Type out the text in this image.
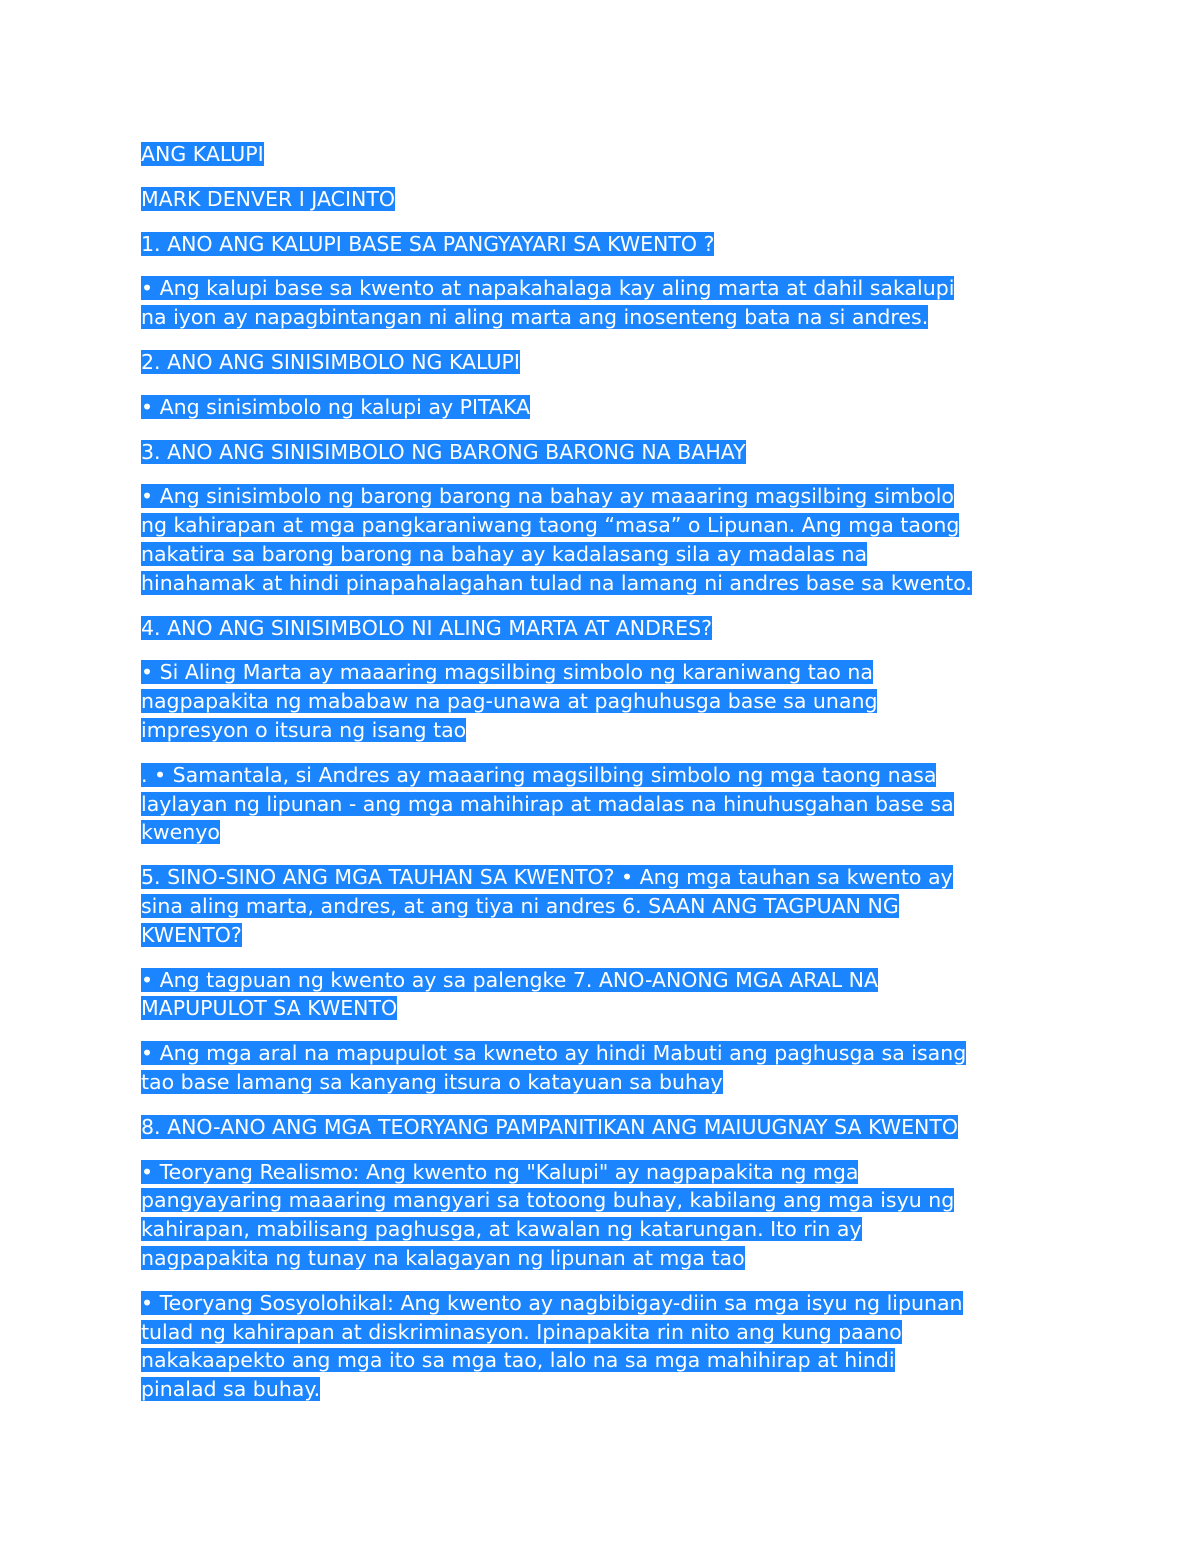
ANG KALUPI
MARK DENVER I JACINTO
1. ANO ANG KALUPI BASE SA PANGYAYARI SA KWENTO ?
• Ang kalupi base sa kwento at napakahalaga kay aling marta at dahil sakalupi
na iyon ay napagbintangan ni aling marta ang inosenteng bata na si andres.
2. ANO ANG SINISIMBOLO NG KALUPI
• Ang sinisimbolo ng kalupi ay PITAKA
3. ANO ANG SINISIMBOLO NG BARONG BARONG NA BAHAY
• Ang sinisimbolo ng barong barong na bahay ay maaaring magsilbing simbolo
ng kahirapan at mga pangkaraniwang taong “masa” o Lipunan. Ang mga taong
nakatira sa barong barong na bahay ay kadalasang sila ay madalas na
hinahamak at hindi pinapahalagahan tulad na lamang ni andres base sa kwento.
4. ANO ANG SINISIMBOLO NI ALING MARTA AT ANDRES?
• Si Aling Marta ay maaaring magsilbing simbolo ng karaniwang tao na
nagpapakita ng mababaw na pag-unawa at paghuhusga base sa unang
impresyon o itsura ng isang tao
. • Samantala, si Andres ay maaaring magsilbing simbolo ng mga taong nasa
laylayan ng lipunan - ang mga mahihirap at madalas na hinuhusgahan base sa
kwenyo
5. SINO-SINO ANG MGA TAUHAN SA KWENTO? • Ang mga tauhan sa kwento ay
sina aling marta, andres, at ang tiya ni andres 6. SAAN ANG TAGPUAN NG
KWENTO?
• Ang tagpuan ng kwento ay sa palengke 7. ANO-ANONG MGA ARAL NA
MAPUPULOT SA KWENTO
• Ang mga aral na mapupulot sa kwneto ay hindi Mabuti ang paghusga sa isang
tao base lamang sa kanyang itsura o katayuan sa buhay
8. ANO-ANO ANG MGA TEORYANG PAMPANITIKAN ANG MAIUUGNAY SA KWENTO
• Teoryang Realismo: Ang kwento ng "Kalupi" ay nagpapakita ng mga
pangyayaring maaaring mangyari sa totoong buhay, kabilang ang mga isyu ng
kahirapan, mabilisang paghusga, at kawalan ng katarungan. Ito rin ay
nagpapakita ng tunay na kalagayan ng lipunan at mga tao
• Teoryang Sosyolohikal: Ang kwento ay nagbibigay-diin sa mga isyu ng lipunan
tulad ng kahirapan at diskriminasyon. Ipinapakita rin nito ang kung paano
nakakaapekto ang mga ito sa mga tao, lalo na sa mga mahihirap at hindi
pinalad sa buhay.
